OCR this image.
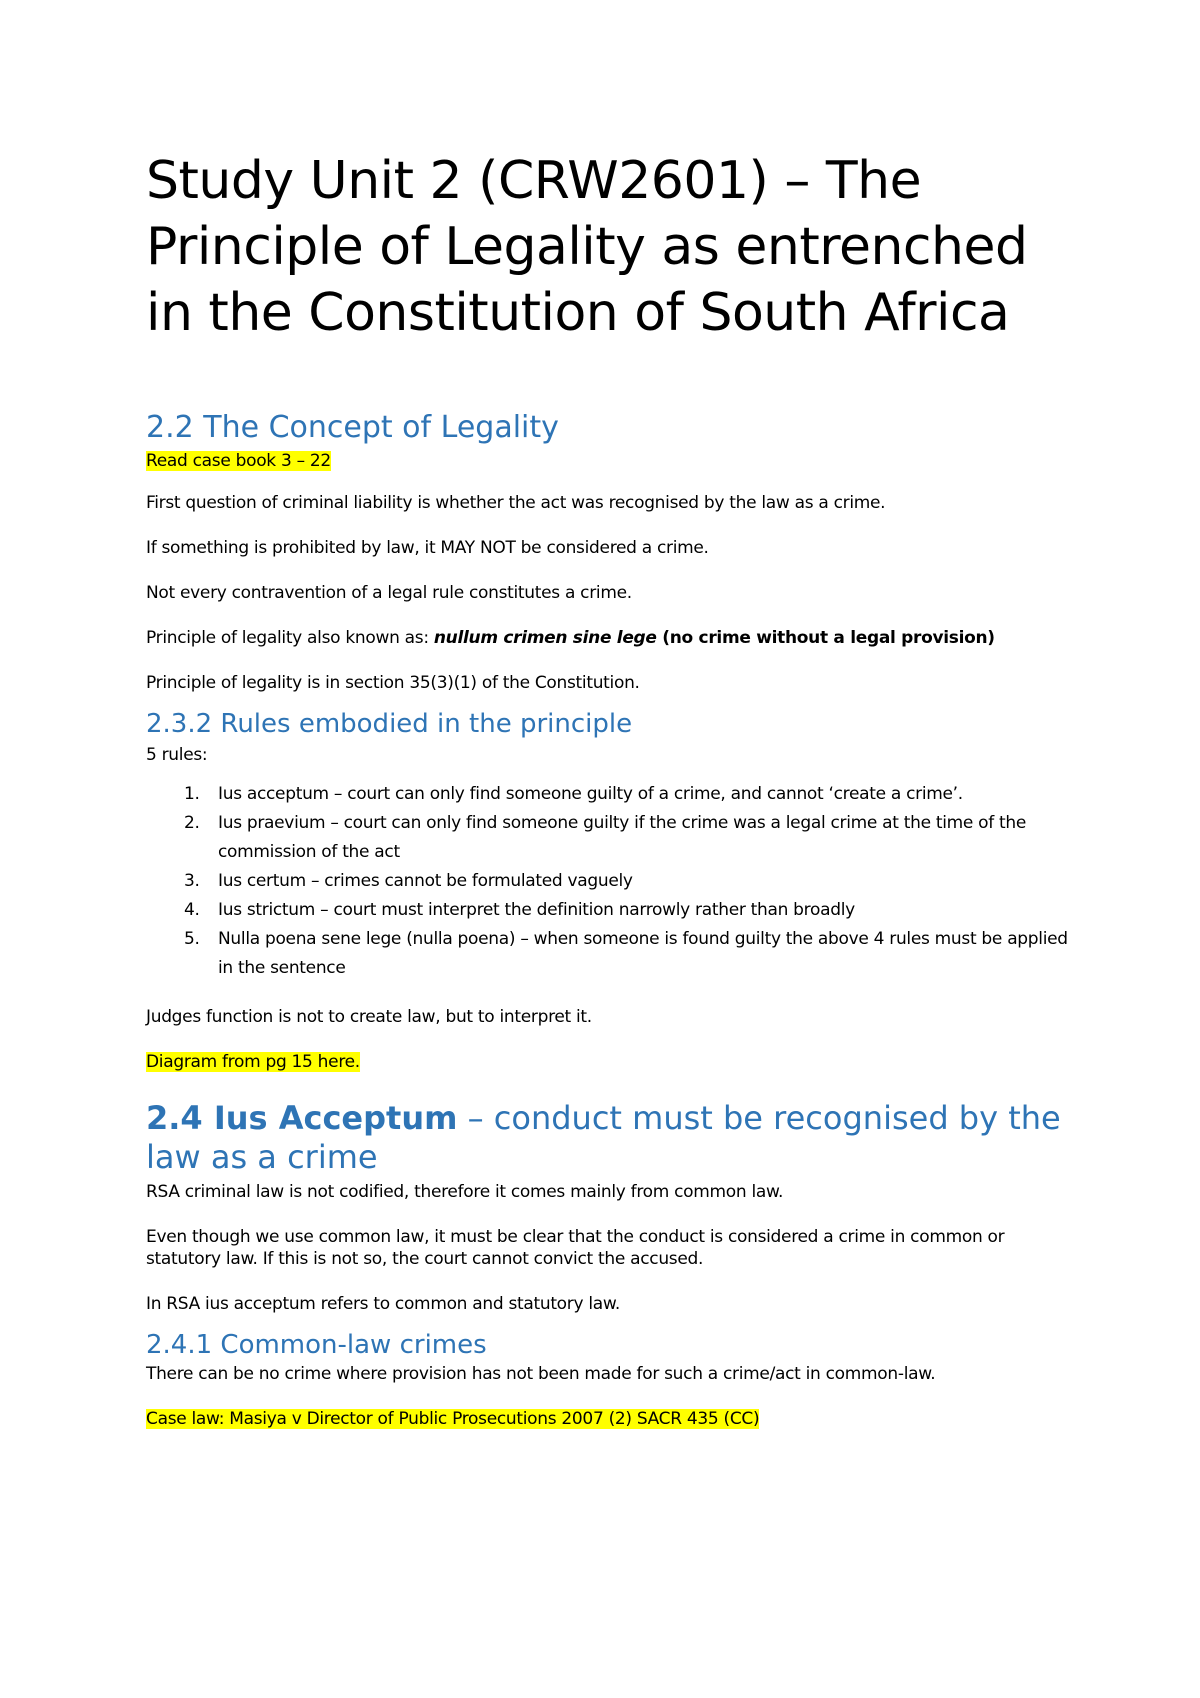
Study Unit 2 (CRW2601) – The Principle of Legality as entrenched in the Constitution of South Africa
2.2 The Concept of Legality

Read case book 3 – 22

First question of criminal liability is whether the act was recognised by the law as a crime.

If something is prohibited by law, it MAY NOT be considered a crime.

Not every contravention of a legal rule constitutes a crime.

Principle of legality also known as: nullum crimen sine lege (no crime without a legal provision)

Principle of legality is in section 35(3)(1) of the Constitution.

2.3.2 Rules embodied in the principle

5 rules:

1. Ius acceptum – court can only find someone guilty of a crime, and cannot ‘create a crime’.
2. Ius praevium – court can only find someone guilty if the crime was a legal crime at the time of the commission of the act
3. Ius certum – crimes cannot be formulated vaguely
4. Ius strictum – court must interpret the definition narrowly rather than broadly
5. Nulla poena sene lege (nulla poena) – when someone is found guilty the above 4 rules must be applied in the sentence

Judges function is not to create law, but to interpret it.

Diagram from pg 15 here.

2.4 Ius Acceptum – conduct must be recognised by the law as a crime

RSA criminal law is not codified, therefore it comes mainly from common law.

Even though we use common law, it must be clear that the conduct is considered a crime in common or statutory law. If this is not so, the court cannot convict the accused.

In RSA ius acceptum refers to common and statutory law.

2.4.1 Common-law crimes

There can be no crime where provision has not been made for such a crime/act in common-law.

Case law: Masiya v Director of Public Prosecutions 2007 (2) SACR 435 (CC)
